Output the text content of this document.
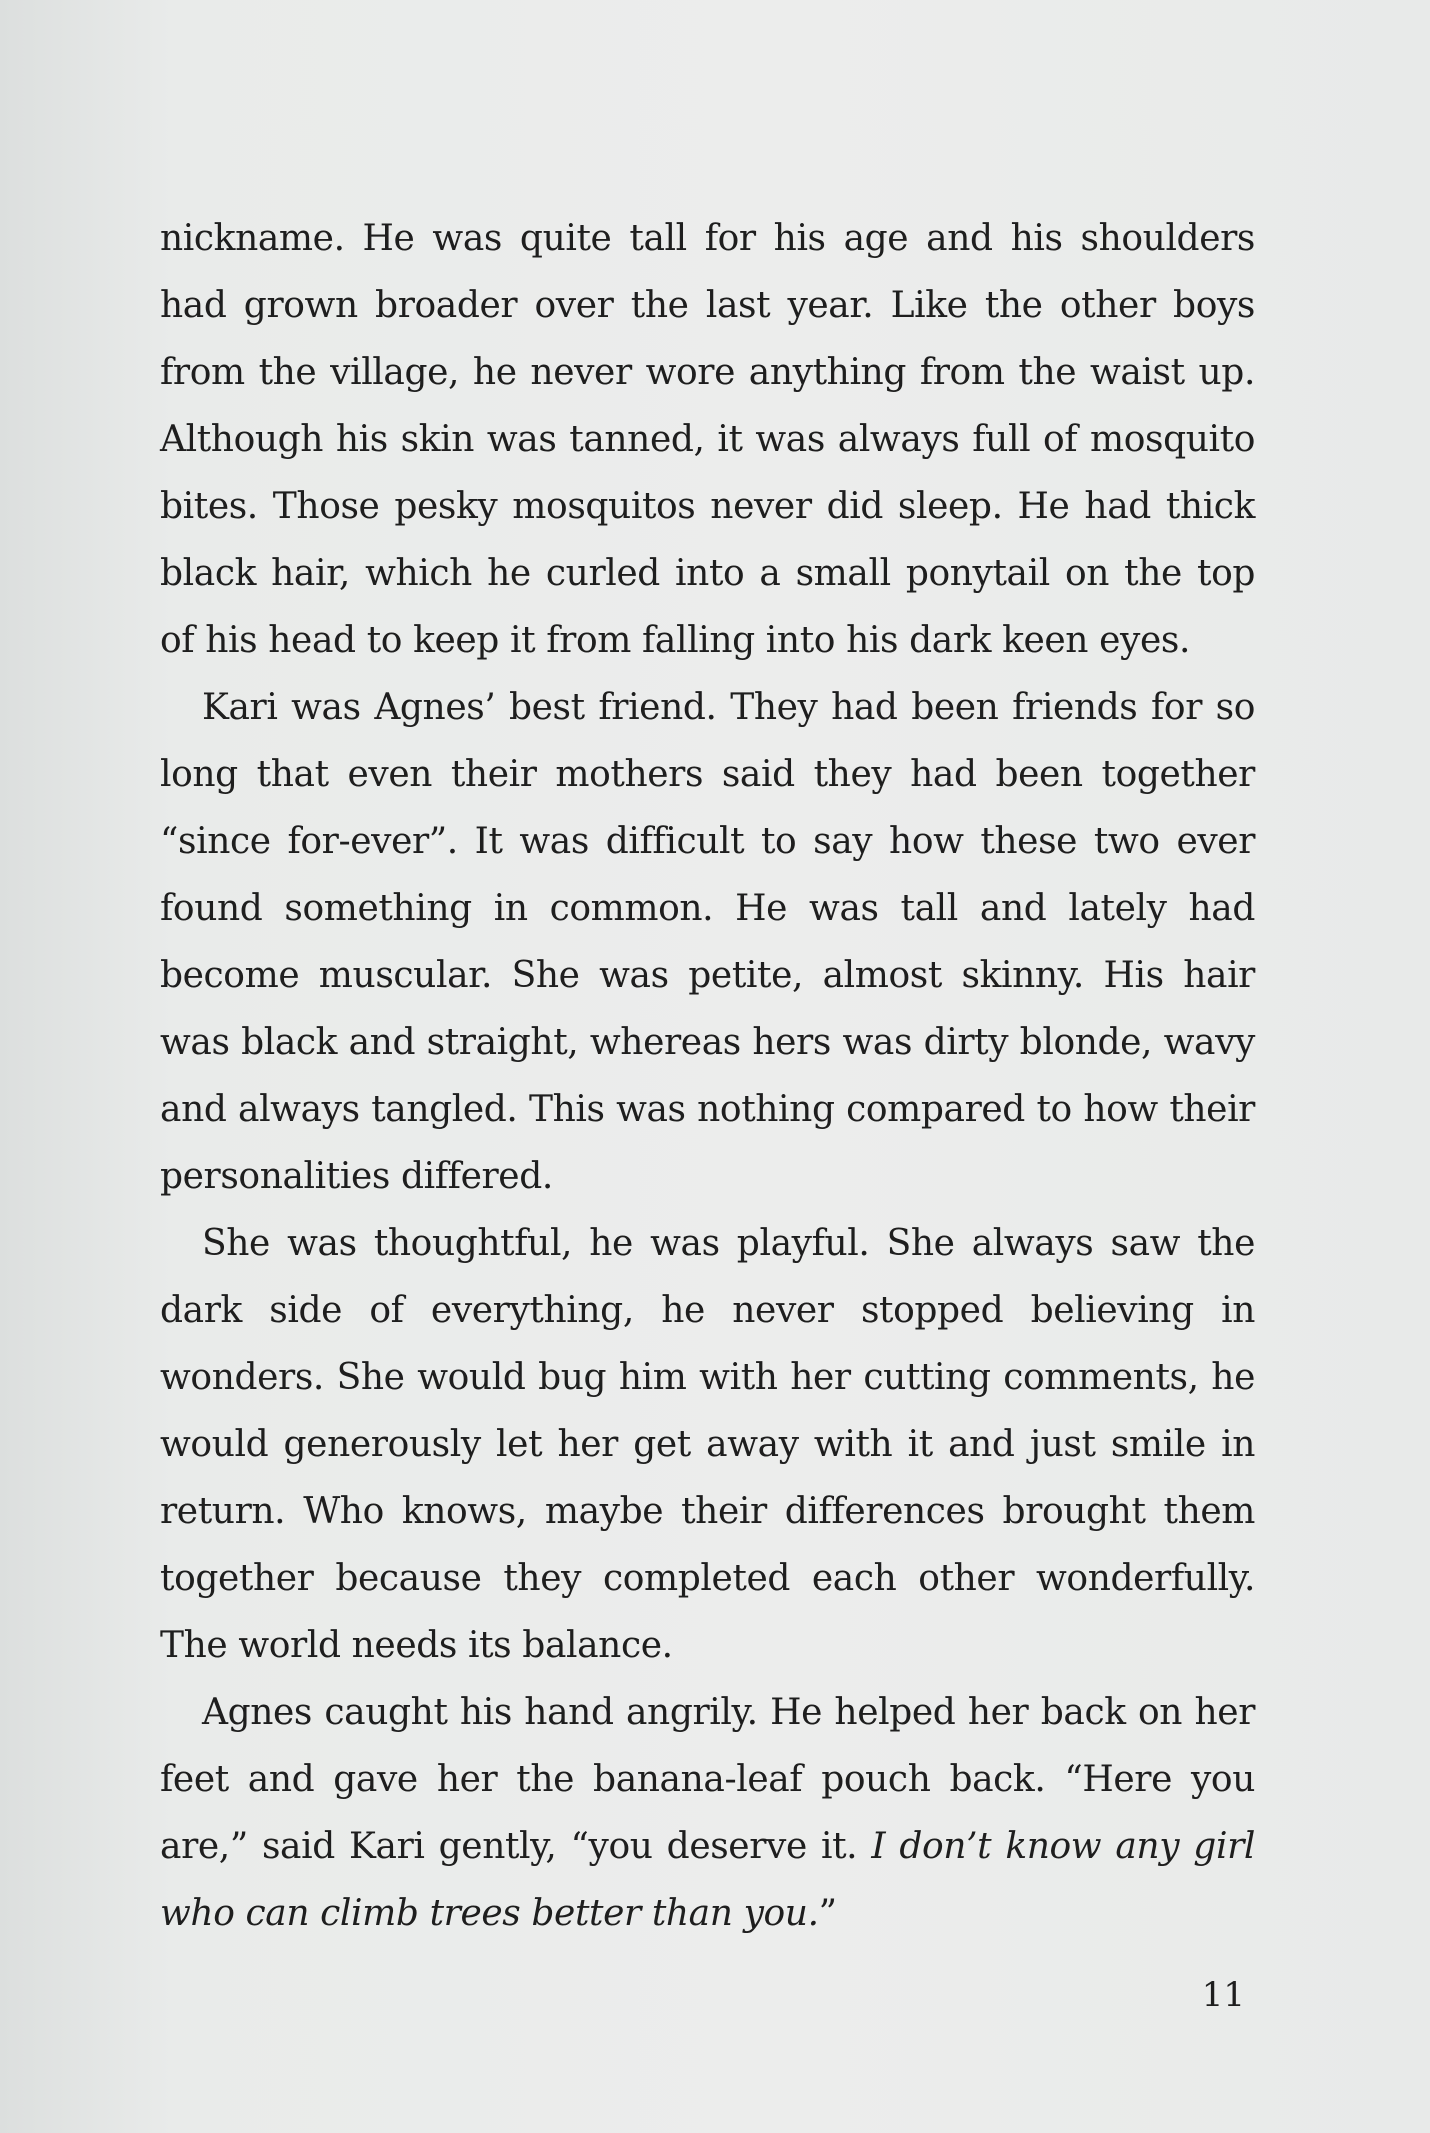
nickname. He was quite tall for his age and his shoulders had grown broader over the last year. Like the other boys from the village, he never wore anything from the waist up. Although his skin was tanned, it was always full of mosquito bites. Those pesky mosquitos never did sleep. He had thick black hair, which he curled into a small ponytail on the top of his head to keep it from falling into his dark keen eyes.

Kari was Agnes’ best friend. They had been friends for so long that even their mothers said they had been together “since for-ever”. It was difficult to say how these two ever found something in common. He was tall and lately had become muscular. She was petite, almost skinny. His hair was black and straight, whereas hers was dirty blonde, wavy and always tangled. This was nothing compared to how their personalities differed.

She was thoughtful, he was playful. She always saw the dark side of everything, he never stopped believing in wonders. She would bug him with her cutting comments, he would generously let her get away with it and just smile in return. Who knows, maybe their differences brought them together because they completed each other wonderfully. The world needs its balance.

Agnes caught his hand angrily. He helped her back on her feet and gave her the banana-leaf pouch back. “Here you are,” said Kari gently, “you deserve it. I don’t know any girl who can climb trees better than you.”

11
